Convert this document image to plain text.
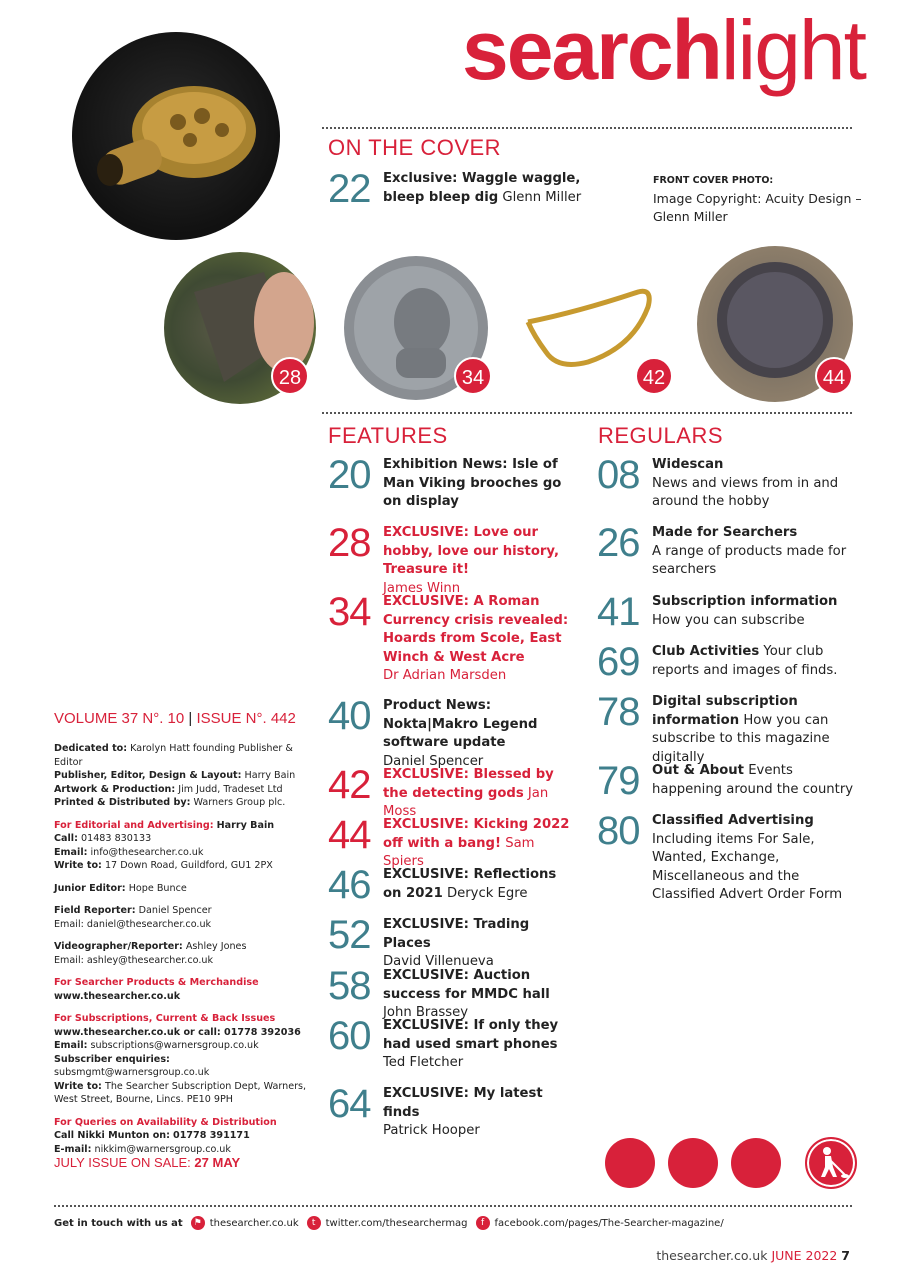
searchlight
ON THE COVER
22 Exclusive: Waggle waggle, bleep bleep dig Glenn Miller
FRONT COVER PHOTO:
Image Copyright: Acuity Design – Glenn Miller
28	34	42	44
FEATURES
20 Exhibition News: Isle of Man Viking brooches go on display
28 EXCLUSIVE: Love our hobby, love our history, Treasure it!
James Winn
34 EXCLUSIVE: A Roman Currency crisis revealed: Hoards from Scole, East Winch & West Acre
Dr Adrian Marsden
40 Product News: Nokta|Makro Legend software update
Daniel Spencer
42 EXCLUSIVE: Blessed by the detecting gods Jan Moss
44 EXCLUSIVE: Kicking 2022 off with a bang! Sam Spiers
46 EXCLUSIVE: Reflections on 2021 Deryck Egre
52 EXCLUSIVE: Trading Places
David Villenueva
58 EXCLUSIVE: Auction success for MMDC hall John Brassey
60 EXCLUSIVE: If only they had used smart phones
Ted Fletcher
64 EXCLUSIVE: My latest finds
Patrick Hooper
REGULARS
08 Widescan
News and views from in and around the hobby
26 Made for Searchers
A range of products made for searchers
41 Subscription information
How you can subscribe
69 Club Activities Your club reports and images of finds.
78 Digital subscription information How you can subscribe to this magazine digitally
79 Out & About Events happening around the country
80 Classified Advertising
Including items For Sale, Wanted, Exchange, Miscellaneous and the Classified Advert Order Form
VOLUME 37 N°. 10 | ISSUE N°. 442
Dedicated to: Karolyn Hatt founding Publisher & Editor
Publisher, Editor, Design & Layout: Harry Bain
Artwork & Production: Jim Judd, Tradeset Ltd
Printed & Distributed by: Warners Group plc.
For Editorial and Advertising: Harry Bain
Call: 01483 830133
Email: info@thesearcher.co.uk
Write to: 17 Down Road, Guildford, GU1 2PX
Junior Editor: Hope Bunce
Field Reporter: Daniel Spencer
Email: daniel@thesearcher.co.uk
Videographer/Reporter: Ashley Jones
Email: ashley@thesearcher.co.uk
For Searcher Products & Merchandise
www.thesearcher.co.uk
For Subscriptions, Current & Back Issues
www.thesearcher.co.uk or call: 01778 392036
Email: subscriptions@warnersgroup.co.uk
Subscriber enquiries: subsmgmt@warnersgroup.co.uk
Write to: The Searcher Subscription Dept, Warners, West Street, Bourne, Lincs. PE10 9PH
For Queries on Availability & Distribution
Call Nikki Munton on: 01778 391171
E-mail: nikkim@warnersgroup.co.uk
JULY ISSUE ON SALE: 27 MAY
Get in touch with us at	⚑ thesearcher.co.uk	t	twitter.com/thesearchermag	f	facebook.com/pages/The-Searcher-magazine/
thesearcher.co.uk JUNE 2022 7
